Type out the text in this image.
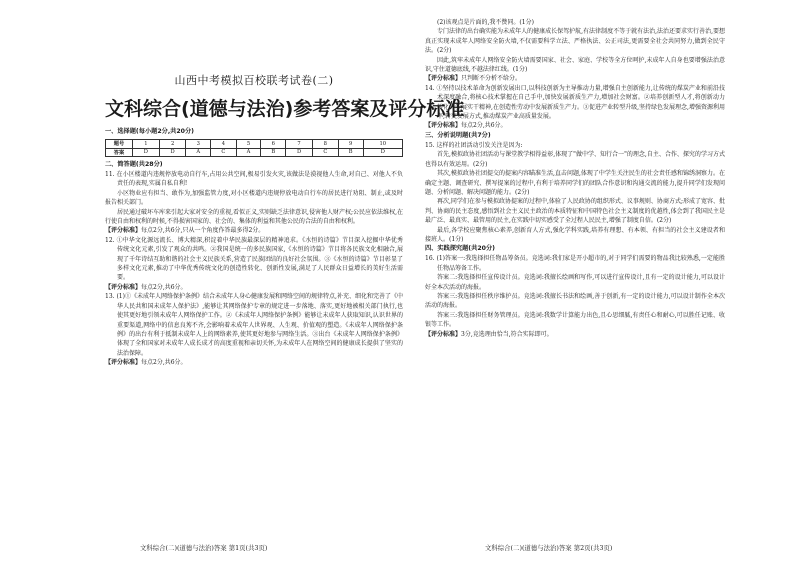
山西中考模拟百校联考试卷(二)
文科综合(道德与法治)参考答案及评分标准
一、选择题(每小题2分,共20分)
题号	1	2	3	4	5	6	7	8	9	10
答案	D	D	A	C	A	B	D	C	B	D
二、简答题(共28分)
11. 在小区楼道内违规停放电动自行车,占用公共空间,极易引发火灾,该做法是漠视他人生命,对自己、对他人不负责任的表现,实属自私自利!
小区物业应有担当、敢作为,加强监管力度,对小区楼道内违规停放电动自行车的居民进行劝阻、制止,或及时报告相关部门。
居民通过破坏车库来引起大家对安全的重视,看似正义,实则缺乏法律意识,侵害他人财产权;公民应依法维权,在行使自由和权利的时候,不得损害国家的、社会的、集体的利益和其他公民的合法的自由和权利。
【评分标准】每点2分,共6分,只从一个角度作答最多得2分。
12. ①中华文化源远流长、博大精深,积淀着中华民族最深层的精神追求。《水恒的诗篇》节目深入挖掘中华优秀传统文化元素,引发了观众的共鸣。②我国是统一的多民族国家,《水恒的诗篇》节目将各民族文化相融合,展现了千年诗结互助和谐的社会主义民族关系,营造了民族团结的良好社会氛围。③《水恒的诗篇》节目彰显了多样文化元素,推动了中华优秀传统文化的创造性转化、创新性发展,满足了人民群众日益增长的美好生活需要。
【评分标准】每点2分,共6分。
13. (1)①《未成年人网络保护条例》结合未成年人身心健康发展和网络空间的规律特点,补充、细化和完善了《中华人民共和国未成年人保护法》,能够让其网络保护专章的规定进一步落地、落实,更好地被相关部门执行,也使其更好地引领未成年人网络保护工作。②《未成年人网络保护条例》能够让未成年人获取知识,认识世界的重要渠道,网络中的信息良莠不齐,会影响着未成年人世界观、人生观、价值观的塑造。《未成年人网络保护条例》的出台有利于抵制未成年人上的网络素养,使其更好地参与网络生活。③出台《未成年人网络保护条例》体现了全和国家对未成年人成长成才的高度重视和亲切关怀,为未成年人在网络空间的健康成长提供了坚实的法治保障。
【评分标准】每点2分,共6分。
(2)该观点是片面的,我不赞同。(1分)
专门法律的出台确实能为未成年人的健康成长保驾护航,有法律制度不等于就有法治,法治还要求实行善治,要想真正实现未成年人网络安全防火墙,不仅需要科学立法、严格执法、公正司法,更需要全社会共同努力,做到全民守法。(2分)
因此,筑牢未成年人网络安全防火墙需要国家、社会、家庭、学校等全方位呵护,未成年人自身也要增强法治意识,守住道德底线,不越法律红线。(1分)
【评分标准】只判断不分析不给分。
14. ①坚持以技术革命为创新发展出口,以科技创新为主导推动力量,增强自主创新能力,让传统的煤炭产业和前沿技术深度融合,将核心技术掌握在自己手中,加快发展新质生产力,增加社会财富。②培养创新型人才,将创新动力转化为发展实干精神,在创造性劳动中发展新质生产力。③促进产业转型升级,坚持绿色发展理念,增强资源利用率,转变发展方式,推动煤炭产业高质量发展。
【评分标准】每点2分,共6分。
三、分析说明题(共7分)
15. 这样的社团活动引发关注是因为:
首先,模拟政协社团活动与课堂教学相得益彰,体现了"做中学、知行合一"的理念,自主、合作、探究的学习方式也得以有效运用。(2分)
其次,模拟政协社团提交的提案内容瞄准生活,直击问题,体现了中学生关注民生的社会责任感和锦绣洞察力。在确定主题、调查研究、撰写提案的过程中,有利于培养同学们的团队合作意识和沟通交流的能力,提升同学们发现问题、分析问题、解决问题的能力。(2分)
再次,同学们在参与模拟政协提案的过程中,体验了人民政协的组织形式、议事规则、协商方式;形成了宽容、批判、协商的民主态度,感悟到社会主义民主政治的本质特征和中国特色社会主义制度的优越性,体会到了我国民主是最广泛、最真实、最管用的民主,在实践中切实感受了全过程人民民主,增强了制度自信。(2分)
最后,各学校应聚焦核心素养,创新育人方式,强化学科实践,培养有理想、有本领、有担当的社会主义建设者和接班人。(1分)
四、实践探究题(共20分)
16. (1)答案一:我选择担任物品筹备员。竞选词:我们家是开小超市的,对于同学们需要的物品我比较熟悉,一定能胜任物品筹备工作。
答案二:我选择担任宣传设计员。竞选词:我擅长绘画和写作,可以进行宣传设计,且有一定的设计能力,可以设计好全本次活动的海报。
答案三:我选择担任秩序维护员。竞选词:我擅长书法和绘画,善于创新,有一定的设计能力,可以设计制作全本次活动的海报。
答案三:我选择担任财务管理员。竞选词:我数学计算能力出色,且心思细腻,有责任心和耐心,可以胜任记账、收银等工作。
【评分标准】3分,竞选理由恰当,符合实际即可。
文科综合(二)(道德与法治)答案 第1页(共3页)	文科综合(二)(道德与法治)答案 第2页(共3页)
